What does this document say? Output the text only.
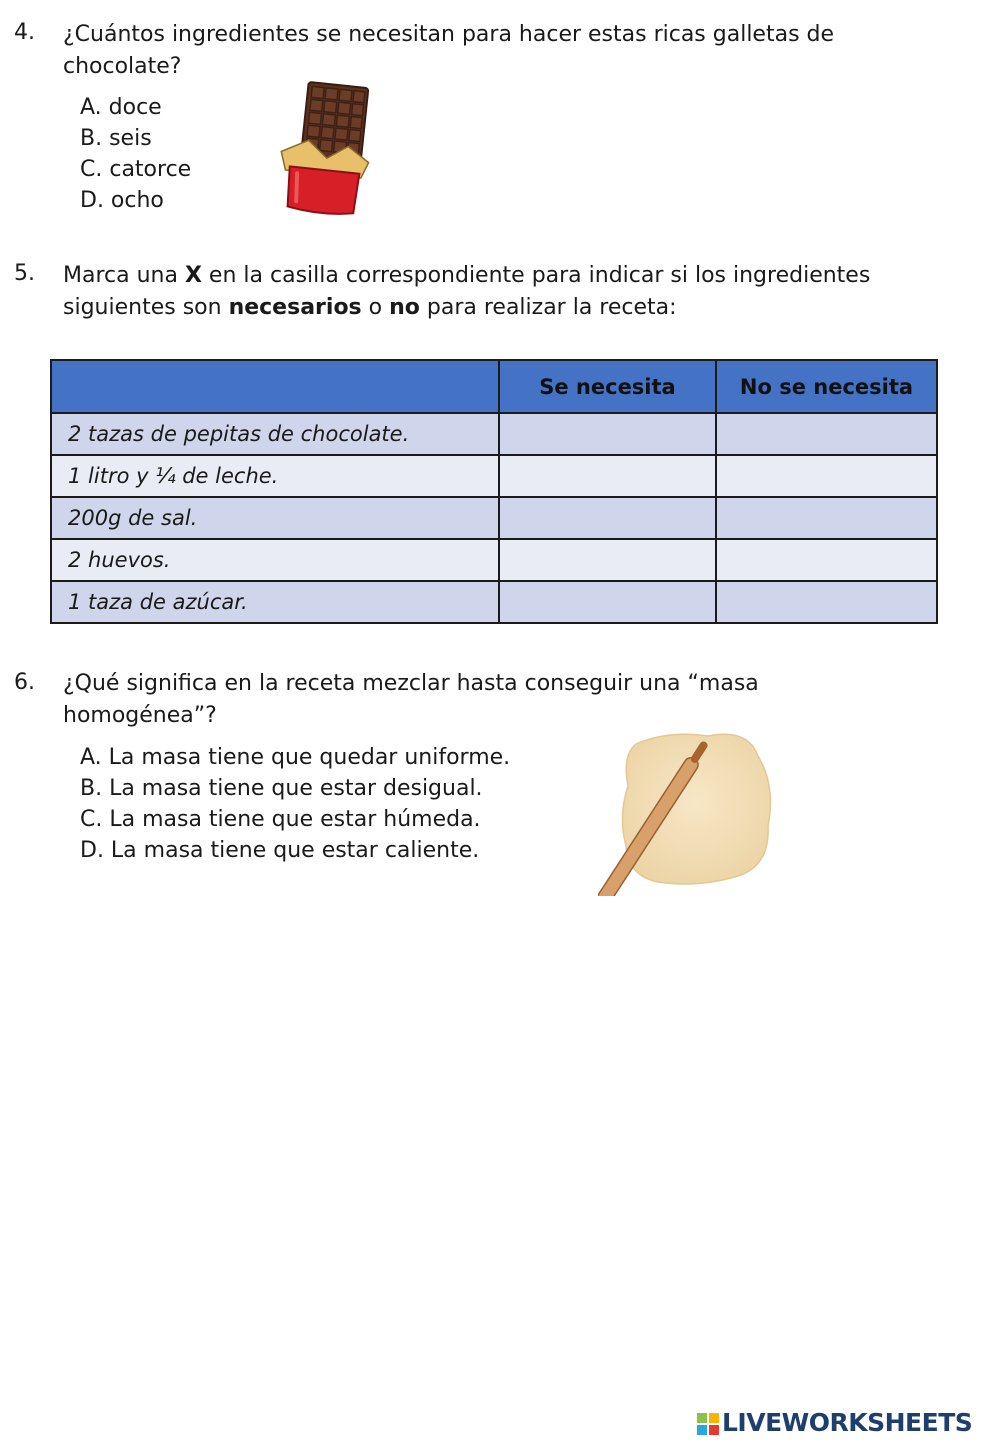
4. ¿Cuántos ingredientes se necesitan para hacer estas ricas galletas de
chocolate?
A. doce
B. seis
C. catorce
D. ocho
5. Marca una X en la casilla correspondiente para indicar si los ingredientes
siguientes son necesarios o no para realizar la receta:
	Se necesita	No se necesita
2 tazas de pepitas de chocolate.		
1 litro y ¼ de leche.		
200g de sal.		
2 huevos.		
1 taza de azúcar.		
6. ¿Qué significa en la receta mezclar hasta conseguir una “masa
homogénea”?
A. La masa tiene que quedar uniforme.
B. La masa tiene que estar desigual.
C. La masa tiene que estar húmeda.
D. La masa tiene que estar caliente.
LIVEWORKSHEETS
